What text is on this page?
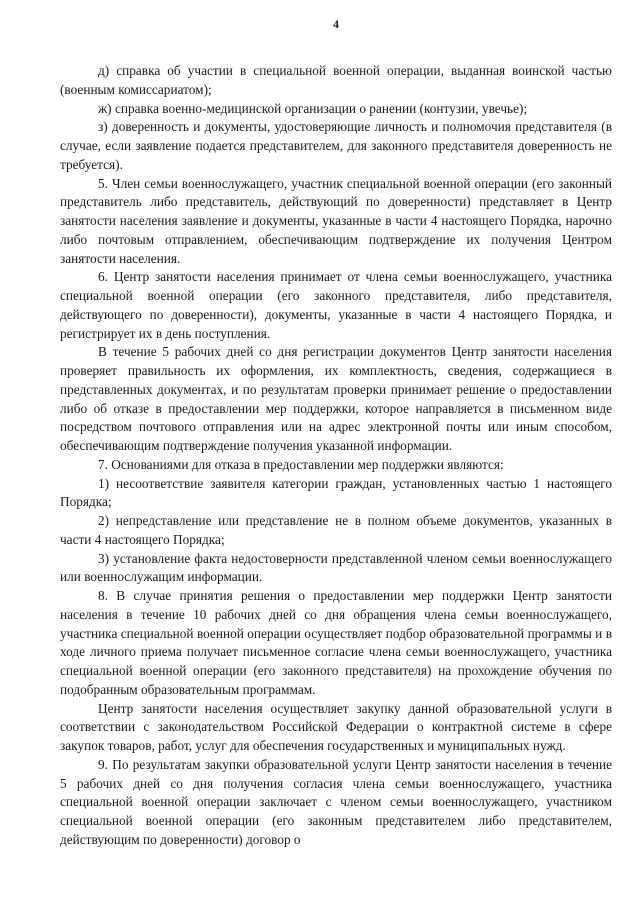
4

д) справка об участии в специальной военной операции, выданная воинской частью (военным комиссариатом);

ж) справка военно-медицинской организации о ранении (контузии, увечье);

з) доверенность и документы, удостоверяющие личность и полномочия представителя (в случае, если заявление подается представителем, для законного представителя доверенность не требуется).

5. Член семьи военнослужащего, участник специальной военной операции (его законный представитель либо представитель, действующий по доверенности) представляет в Центр занятости населения заявление и документы, указанные в части 4 настоящего Порядка, нарочно либо почтовым отправлением, обеспечивающим подтверждение их получения Центром занятости населения.

6. Центр занятости населения принимает от члена семьи военнослужащего, участника специальной военной операции (его законного представителя, либо представителя, действующего по доверенности), документы, указанные в части 4 настоящего Порядка, и регистрирует их в день поступления.

В течение 5 рабочих дней со дня регистрации документов Центр занятости населения проверяет правильность их оформления, их комплектность, сведения, содержащиеся в представленных документах, и по результатам проверки принимает решение о предоставлении либо об отказе в предоставлении мер поддержки, которое направляется в письменном виде посредством почтового отправления или на адрес электронной почты или иным способом, обеспечивающим подтверждение получения указанной информации.

7. Основаниями для отказа в предоставлении мер поддержки являются:

1) несоответствие заявителя категории граждан, установленных частью 1 настоящего Порядка;

2) непредставление или представление не в полном объеме документов, указанных в части 4 настоящего Порядка;

3) установление факта недостоверности представленной членом семьи военнослужащего или военнослужащим информации.

8. В случае принятия решения о предоставлении мер поддержки Центр занятости населения в течение 10 рабочих дней со дня обращения члена семьи военнослужащего, участника специальной военной операции осуществляет подбор образовательной программы и в ходе личного приема получает письменное согласие члена семьи военнослужащего, участника специальной военной операции (его законного представителя) на прохождение обучения по подобранным образовательным программам.

Центр занятости населения осуществляет закупку данной образовательной услуги в соответствии с законодательством Российской Федерации о контрактной системе в сфере закупок товаров, работ, услуг для обеспечения государственных и муниципальных нужд.

9. По результатам закупки образовательной услуги Центр занятости населения в течение 5 рабочих дней со дня получения согласия члена семьи военнослужащего, участника специальной военной операции заключает с членом семьи военнослужащего, участником специальной военной операции (его законным представителем либо представителем, действующим по доверенности) договор о
